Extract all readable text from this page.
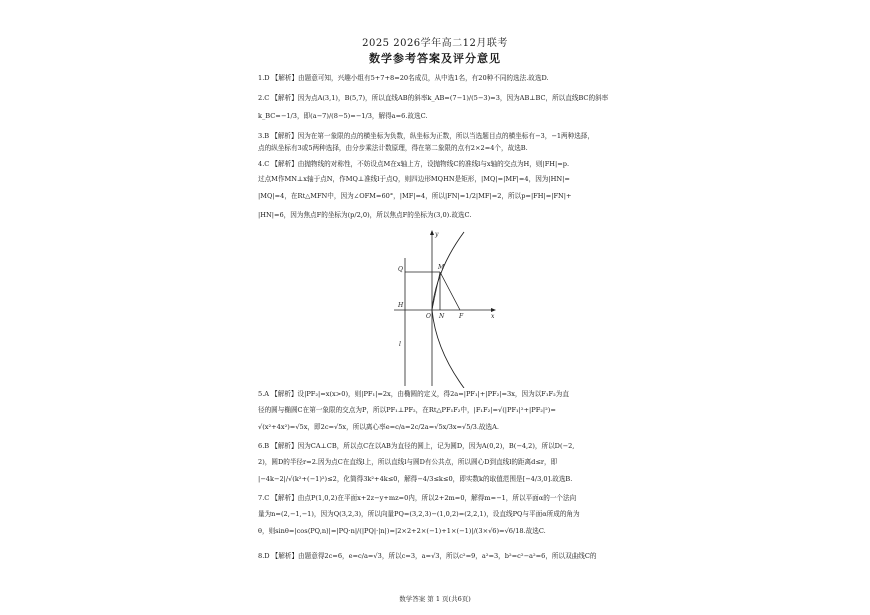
2025 2026学年高二12月联考
数学参考答案及评分意见
1.D 【解析】由题意可知，兴趣小组有5+7+8=20名成员，从中选1名，有20种不同的选法.故选D.
2.C 【解析】因为点A(3,1)，B(5,7)，所以直线AB的斜率k_AB=(7−1)/(5−3)=3，因为AB⊥BC，所以直线BC的斜率
k_BC=−1/3，即(a−7)/(8−5)=−1/3，解得a=6.故选C.
3.B 【解析】因为在第一象限的点的横坐标为负数，纵坐标为正数，所以当选题目点的横坐标有−3，−1两种选择，
点的纵坐标有3或5两种选择，由分步乘法计数原理，得在第二象限的点有2×2=4个，故选B.
4.C 【解析】由抛物线的对称性，不妨设点M在x轴上方，设抛物线C的准线l与x轴的交点为H，则|FH|=p.
过点M作MN⊥x轴于点N，作MQ⊥准线l于点Q，则四边形MQHN是矩形，|MQ|=|MF|=4，因为|HN|=
|MQ|=4，在Rt△MFN中，因为∠OFM=60°，|MF|=4，所以|FN|=1/2|MF|=2，所以p=|FH|=|FN|+
|HN|=6，因为焦点F的坐标为(p/2,0)，所以焦点F的坐标为(3,0).故选C.
y
x
l
Q	M
H
O N F
5.A 【解析】设|PF₂|=x(x>0)，则|PF₁|=2x，由椭圆的定义，得2a=|PF₁|+|PF₂|=3x，因为以F₁F₂为直
径的圆与椭圆C在第一象限的交点为P，所以PF₁⊥PF₂，在Rt△PF₁F₂中，|F₁F₂|=√(|PF₁|²+|PF₂|²)=
√(x²+4x²)=√5x，即2c=√5x，所以离心率e=c/a=2c/2a=√5x/3x=√5/3.故选A.
6.B 【解析】因为CA⊥CB，所以点C在以AB为直径的圆上，记为圆D，因为A(0,2)，B(−4,2)，所以D(−2,
2)，圆D的半径r=2.因为点C在直线l上，所以直线l与圆D有公共点，所以圆心D到直线l的距离d≤r，即
|−4k−2|/√(k²+(−1)²)≤2，化简得3k²+4k≤0，解得−4/3≤k≤0，即实数k的取值范围是[−4/3,0].故选B.
7.C 【解析】由点P(1,0,2)在平面x+2z−y+mz=0内，所以2+2m=0，解得m=−1，所以平面α的一个法向
量为n=(2,−1,−1)，因为Q(3,2,3)，所以向量PQ=(3,2,3)−(1,0,2)=(2,2,1)，设直线PQ与平面α所成的角为
θ，则sinθ=|cos⟨PQ,n⟩|=|PQ·n|/(|PQ|·|n|)=|2×2+2×(−1)+1×(−1)|/(3×√6)=√6/18.故选C.
8.D 【解析】由题意得2c=6，e=c/a=√3，所以c=3，a=√3，所以c²=9，a²=3，b²=c²−a²=6，所以双曲线C的
数学答案 第 1 页(共6页)
